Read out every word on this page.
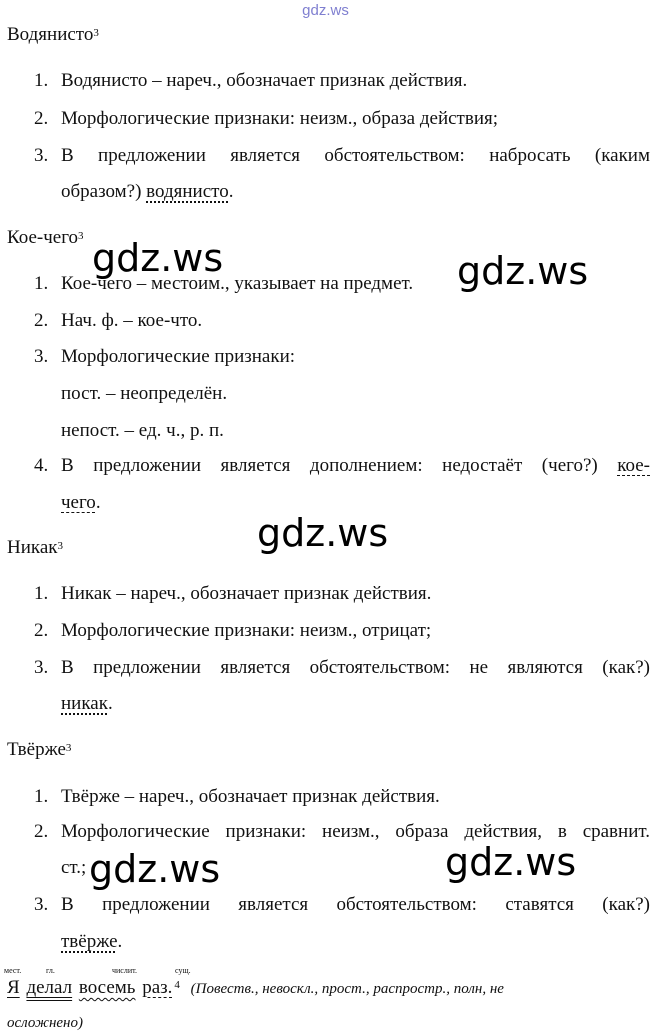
gdz.ws
Водянисто$^3$
1. Водянисто – нареч., обозначает признак действия.
2. Морфологические признаки: неизм., образа действия;
3. В предложении является обстоятельством: набросать (каким
образом?) водянисто.
Кое-чего$^3$
1. Кое-чего – местоим., указывает на предмет.
2. Нач. ф. – кое-что.
3. Морфологические признаки:
пост. – неопределён.
непост. – ед. ч., р. п.
4. В предложении является дополнением: недостаёт (чего?) кое-
чего.
Никак$^3$
1. Никак – нареч., обозначает признак действия.
2. Морфологические признаки: неизм., отрицат;
3. В предложении является обстоятельством: не являются (как?)
никак.
Твёрже$^3$
1. Твёрже – нареч., обозначает признак действия.
2. Морфологические признаки: неизм., образа действия, в сравнит.
ст.;
3. В предложении является обстоятельством: ставятся (как?)
твёрже.
мест.	гл.	числит.	сущ.
Я делал восемь раз. $^4$ (Повеств., невоскл., прост., распростр., полн, не
осложнено)
gdz.ws	gdz.ws
gdz.ws
gdz.ws	gdz.ws
